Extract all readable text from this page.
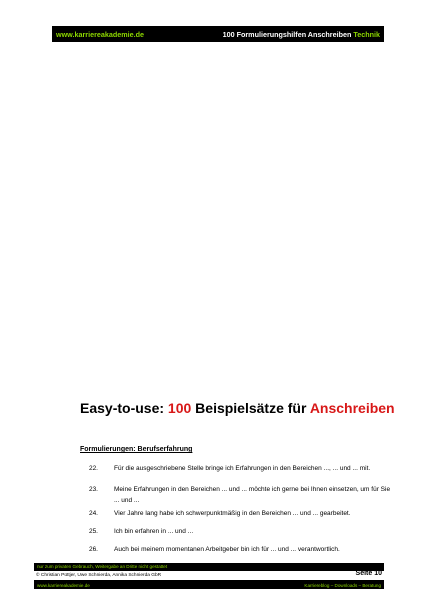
www.karriereakademie.de	100 Formulierungshilfen Anschreiben Technik
Easy-to-use: 100 Beispielsätze für Anschreiben
Formulierungen: Berufserfahrung
22. Für die ausgeschriebene Stelle bringe ich Erfahrungen in den Bereichen ..., ... und ... mit.
23. Meine Erfahrungen in den Bereichen ... und ... möchte ich gerne bei Ihnen einsetzen, um für Sie ... und ...
24. Vier Jahre lang habe ich schwerpunktmäßig in den Bereichen ... und ... gearbeitet.
25. Ich bin erfahren in ... und ...
26. Auch bei meinem momentanen Arbeitgeber bin ich für ... und ... verantwortlich.
nur zum privaten Gebrauch, Weitergabe an Dritte nicht gestattet
© Christian Püttjer, Uwe Schnierda, Annika Schnierda GbR	Seite 10
www.karriereakademie.de	Karriereblog – Downloads – Beratung
